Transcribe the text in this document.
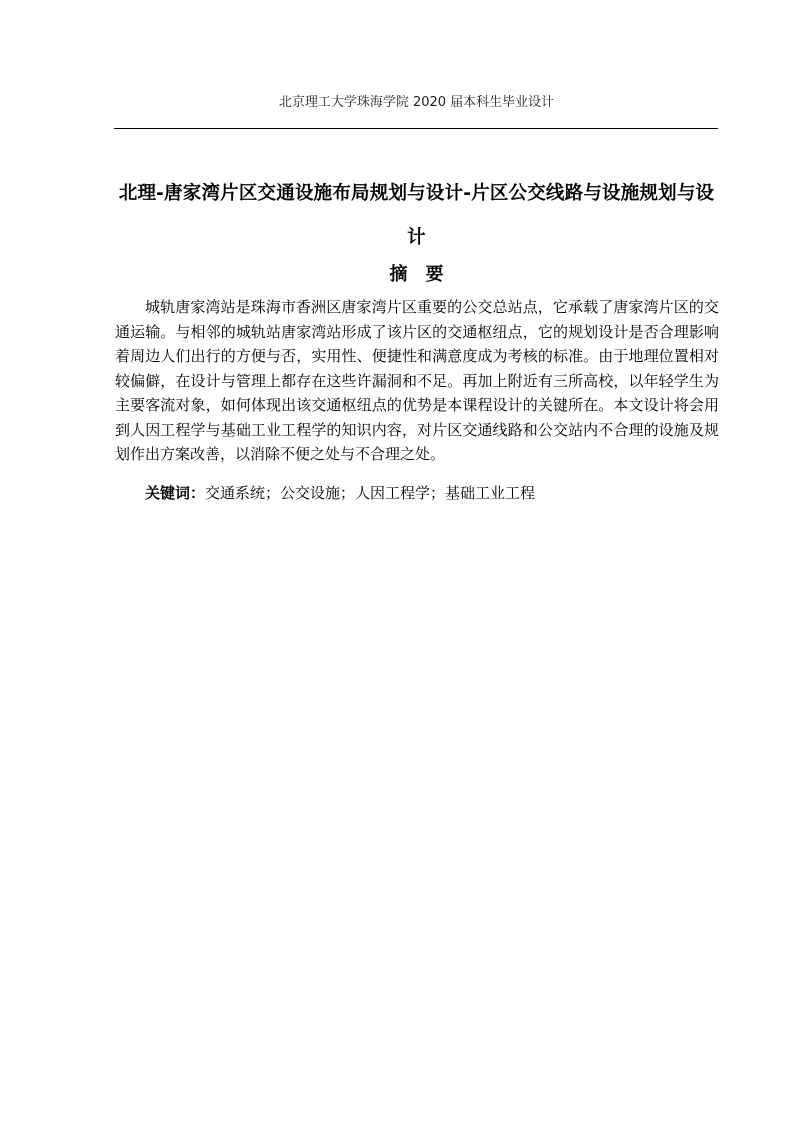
北京理工大学珠海学院 2020 届本科生毕业设计
北理-唐家湾片区交通设施布局规划与设计-片区公交线路与设施规划与设计
摘 要

城轨唐家湾站是珠海市香洲区唐家湾片区重要的公交总站点，它承载了唐家湾片区的交通运输。与相邻的城轨站唐家湾站形成了该片区的交通枢纽点，它的规划设计是否合理影响着周边人们出行的方便与否，实用性、便捷性和满意度成为考核的标准。由于地理位置相对较偏僻，在设计与管理上都存在这些许漏洞和不足。再加上附近有三所高校，以年轻学生为主要客流对象，如何体现出该交通枢纽点的优势是本课程设计的关键所在。本文设计将会用到人因工程学与基础工业工程学的知识内容，对片区交通线路和公交站内不合理的设施及规划作出方案改善，以消除不便之处与不合理之处。

关键词：交通系统；公交设施；人因工程学；基础工业工程
